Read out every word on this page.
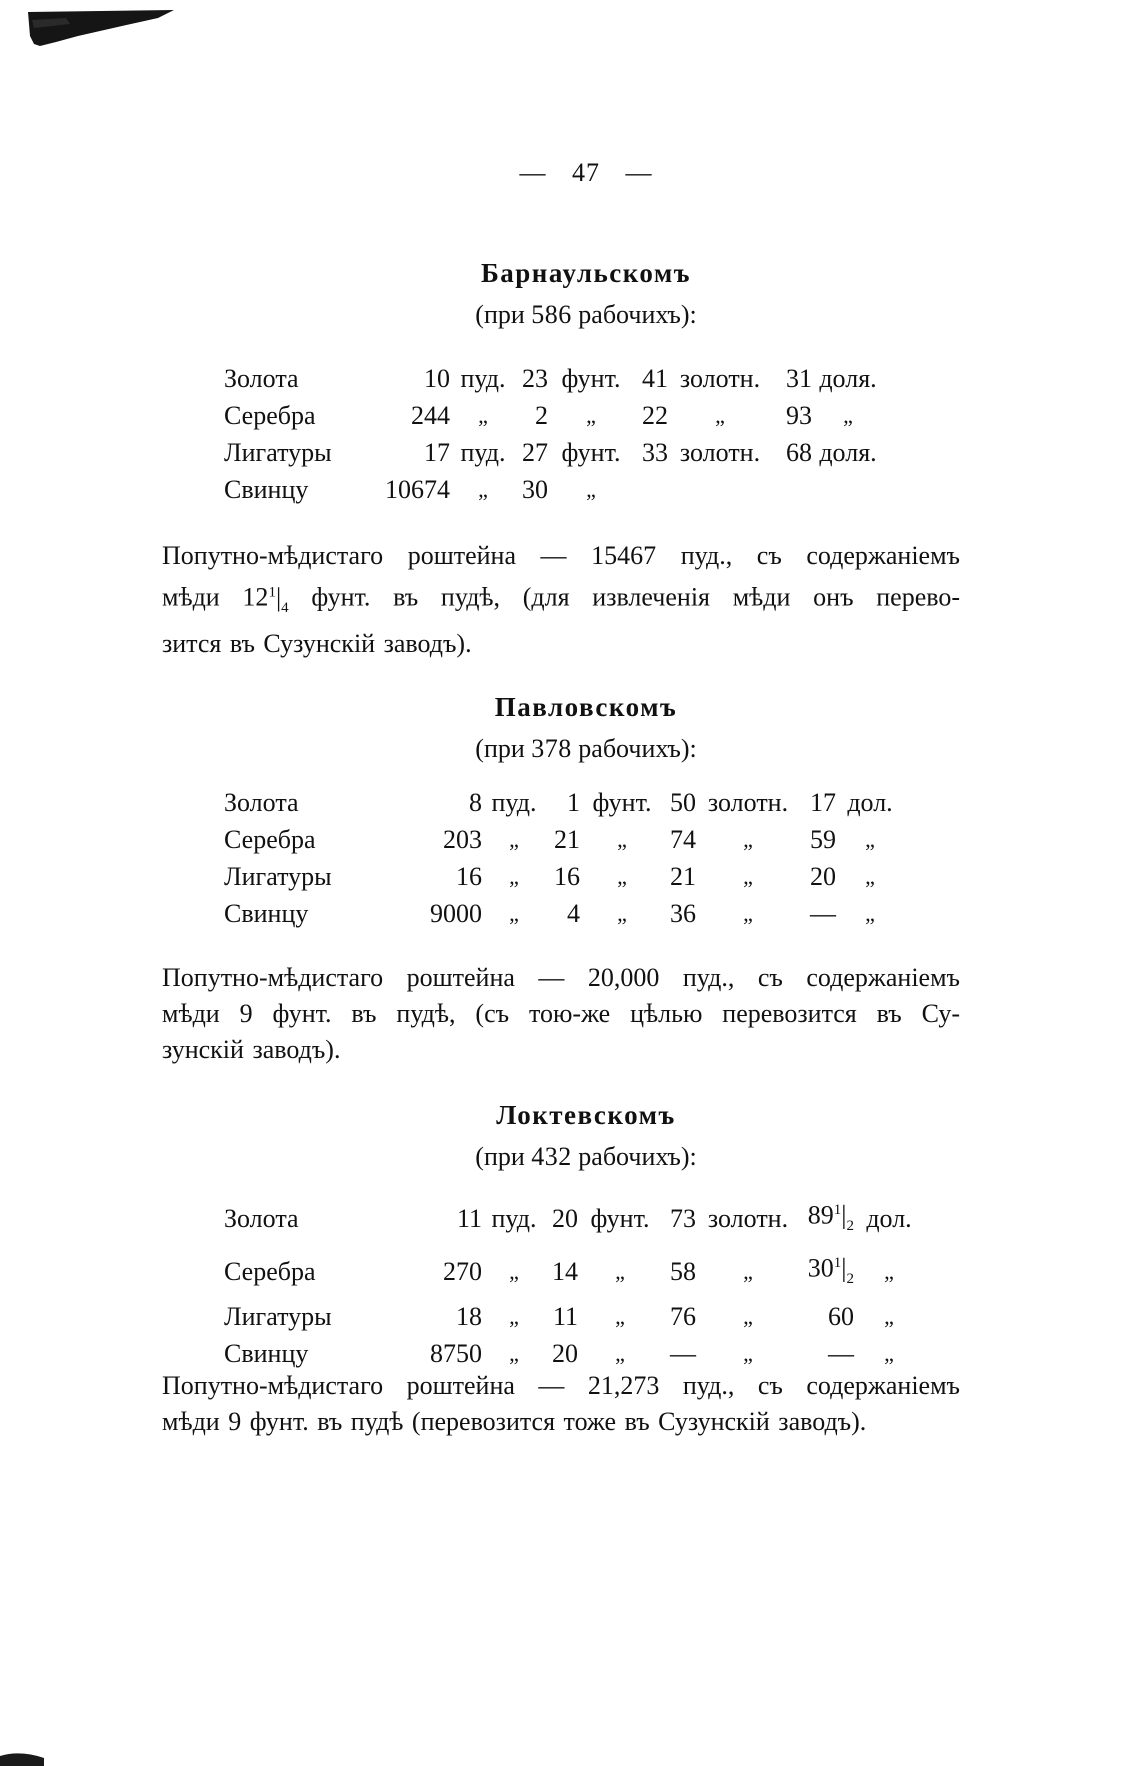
— 47 —
Барнаульскомъ
(при 586 рабочихъ):
Золота	10	пуд.	23	фунт.	41	золотн.	31	доля.
Серебра	244	„	2	„	22	„	93	„
Лигатуры	17	пуд.	27	фунт.	33	золотн.	68	доля.
Свинцу	10674	„	30	„				
Попутно-мѣдистаго роштейна — 15467 пуд., съ содержаніемъ
мѣди $12^1|_4$ фунт. въ пудѣ, (для извлеченія мѣди онъ перево-
зится въ Сузунскій заводъ).
Павловскомъ
(при 378 рабочихъ):
Золота	8	пуд.	1	фунт.	50	золотн.	17	дол.
Серебра	203	„	21	„	74	„	59	„
Лигатуры	16	„	16	„	21	„	20	„
Свинцу	9000	„	4	„	36	„	—	„
Попутно-мѣдистаго роштейна — 20,000 пуд., съ содержаніемъ
мѣди 9 фунт. въ пудѣ, (съ тою-же цѣлью перевозится въ Су-
зунскій заводъ).
Локтевскомъ
(при 432 рабочихъ):
Золота	11	пуд.	20	фунт.	73	золотн.	$89^1|_2$	дол.
Серебра	270	„	14	„	58	„	$30^1|_2$	„
Лигатуры	18	„	11	„	76	„	60	„
Свинцу	8750	„	20	„	—	„	—	„
Попутно-мѣдистаго роштейна — 21,273 пуд., съ содержаніемъ
мѣди 9 фунт. въ пудѣ (перевозится тоже въ Сузунскій заводъ).
